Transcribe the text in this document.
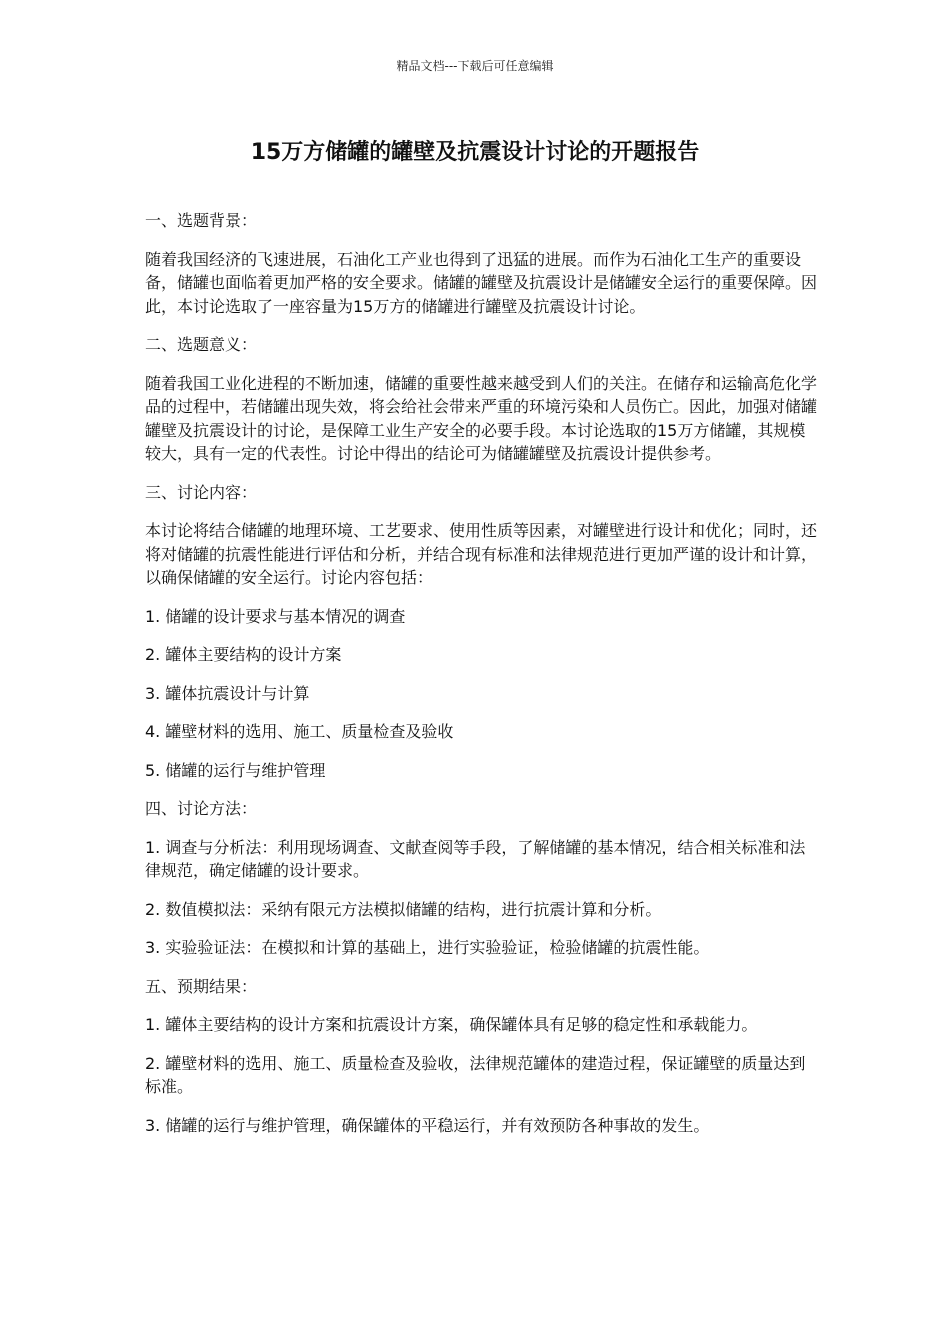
精品文档---下载后可任意编辑
15万方储罐的罐壁及抗震设计讨论的开题报告

一、选题背景：

随着我国经济的飞速进展，石油化工产业也得到了迅猛的进展。而作为石油化工生产的重要设备，储罐也面临着更加严格的安全要求。储罐的罐壁及抗震设计是储罐安全运行的重要保障。因此，本讨论选取了一座容量为15万方的储罐进行罐壁及抗震设计讨论。

二、选题意义：

随着我国工业化进程的不断加速，储罐的重要性越来越受到人们的关注。在储存和运输高危化学品的过程中，若储罐出现失效，将会给社会带来严重的环境污染和人员伤亡。因此，加强对储罐罐壁及抗震设计的讨论，是保障工业生产安全的必要手段。本讨论选取的15万方储罐，其规模较大，具有一定的代表性。讨论中得出的结论可为储罐罐壁及抗震设计提供参考。

三、讨论内容：

本讨论将结合储罐的地理环境、工艺要求、使用性质等因素，对罐壁进行设计和优化；同时，还将对储罐的抗震性能进行评估和分析，并结合现有标准和法律规范进行更加严谨的设计和计算，以确保储罐的安全运行。讨论内容包括：

1. 储罐的设计要求与基本情况的调查

2. 罐体主要结构的设计方案

3. 罐体抗震设计与计算

4. 罐壁材料的选用、施工、质量检查及验收

5. 储罐的运行与维护管理

四、讨论方法：

1. 调查与分析法：利用现场调查、文献查阅等手段，了解储罐的基本情况，结合相关标准和法律规范，确定储罐的设计要求。

2. 数值模拟法：采纳有限元方法模拟储罐的结构，进行抗震计算和分析。

3. 实验验证法：在模拟和计算的基础上，进行实验验证，检验储罐的抗震性能。

五、预期结果：

1. 罐体主要结构的设计方案和抗震设计方案，确保罐体具有足够的稳定性和承载能力。

2. 罐壁材料的选用、施工、质量检查及验收，法律规范罐体的建造过程，保证罐壁的质量达到标准。

3. 储罐的运行与维护管理，确保罐体的平稳运行，并有效预防各种事故的发生。
